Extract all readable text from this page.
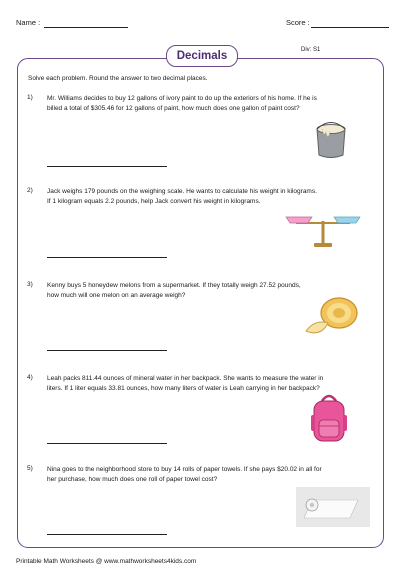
Name :	Score :
Decimals	Div: S1
Solve each problem. Round the answer to two decimal places.
1) Mr. Williams decides to buy 12 gallons of ivory paint to do up the exteriors of his home. If he is
billed a total of $305.46 for 12 gallons of paint, how much does one gallon of paint cost?
2) Jack weighs 179 pounds on the weighing scale. He wants to calculate his weight in kilograms.
If 1 kilogram equals 2.2 pounds, help Jack convert his weight in kilograms.
3) Kenny buys 5 honeydew melons from a supermarket. If they totally weigh 27.52 pounds,
how much will one melon on an average weigh?
4) Leah packs 811.44 ounces of mineral water in her backpack. She wants to measure the water in
liters. If 1 liter equals 33.81 ounces, how many liters of water is Leah carrying in her backpack?
5) Nina goes to the neighborhood store to buy 14 rolls of paper towels. If she pays $20.02 in all for
her purchase, how much does one roll of paper towel cost?
Printable Math Worksheets @ www.mathworksheets4kids.com
